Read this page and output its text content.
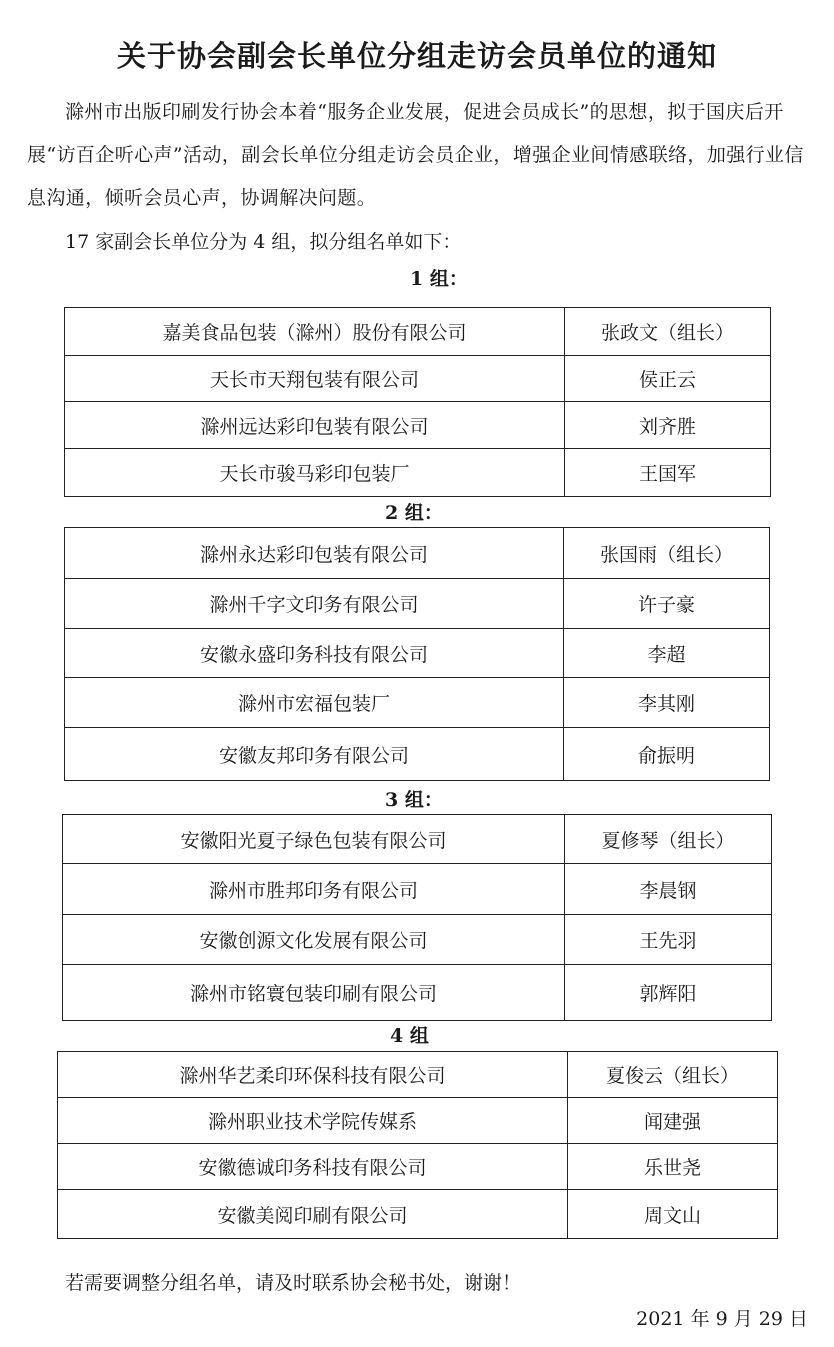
关于协会副会长单位分组走访会员单位的通知
滁州市出版印刷发行协会本着“服务企业发展，促进会员成长”的思想，拟于国庆后开展“访百企听心声”活动，副会长单位分组走访会员企业，增强企业间情感联络，加强行业信息沟通，倾听会员心声，协调解决问题。
17 家副会长单位分为 4 组，拟分组名单如下：
1 组：
嘉美食品包装（滁州）股份有限公司	张政文（组长）
天长市天翔包装有限公司	侯正云
滁州远达彩印包装有限公司	刘齐胜
天长市骏马彩印包装厂	王国军
2 组：
滁州永达彩印包装有限公司	张国雨（组长）
滁州千字文印务有限公司	许子豪
安徽永盛印务科技有限公司	李超
滁州市宏福包装厂	李其刚
安徽友邦印务有限公司	俞振明
3 组：
安徽阳光夏子绿色包装有限公司	夏修琴（组长）
滁州市胜邦印务有限公司	李晨钢
安徽创源文化发展有限公司	王先羽
滁州市铭寰包装印刷有限公司	郭辉阳
4 组
滁州华艺柔印环保科技有限公司	夏俊云（组长）
滁州职业技术学院传媒系	闻建强
安徽德诚印务科技有限公司	乐世尧
安徽美阅印刷有限公司	周文山
若需要调整分组名单，请及时联系协会秘书处，谢谢！
2021 年 9 月 29 日
